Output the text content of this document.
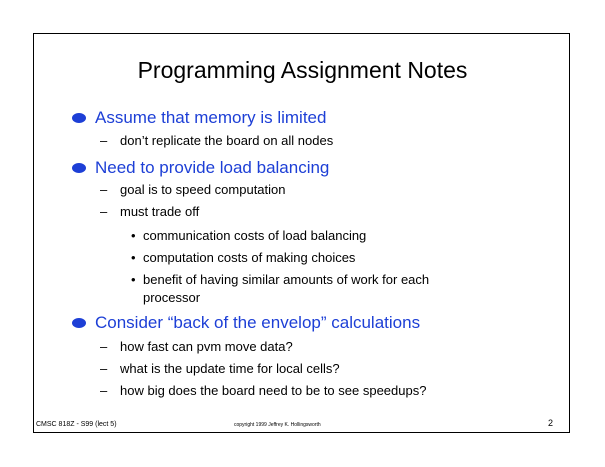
Programming Assignment Notes
Assume that memory is limited
– don’t replicate the board on all nodes
Need to provide load balancing
– goal is to speed computation
– must trade off
• communication costs of load balancing
• computation costs of making choices
• benefit of having similar amounts of work for each
processor
Consider “back of the envelop” calculations
– how fast can pvm move data?
– what is the update time for local cells?
– how big does the board need to be to see speedups?
CMSC 818Z - S99 (lect 5)	copyright 1999 Jeffrey K. Hollingsworth	2
